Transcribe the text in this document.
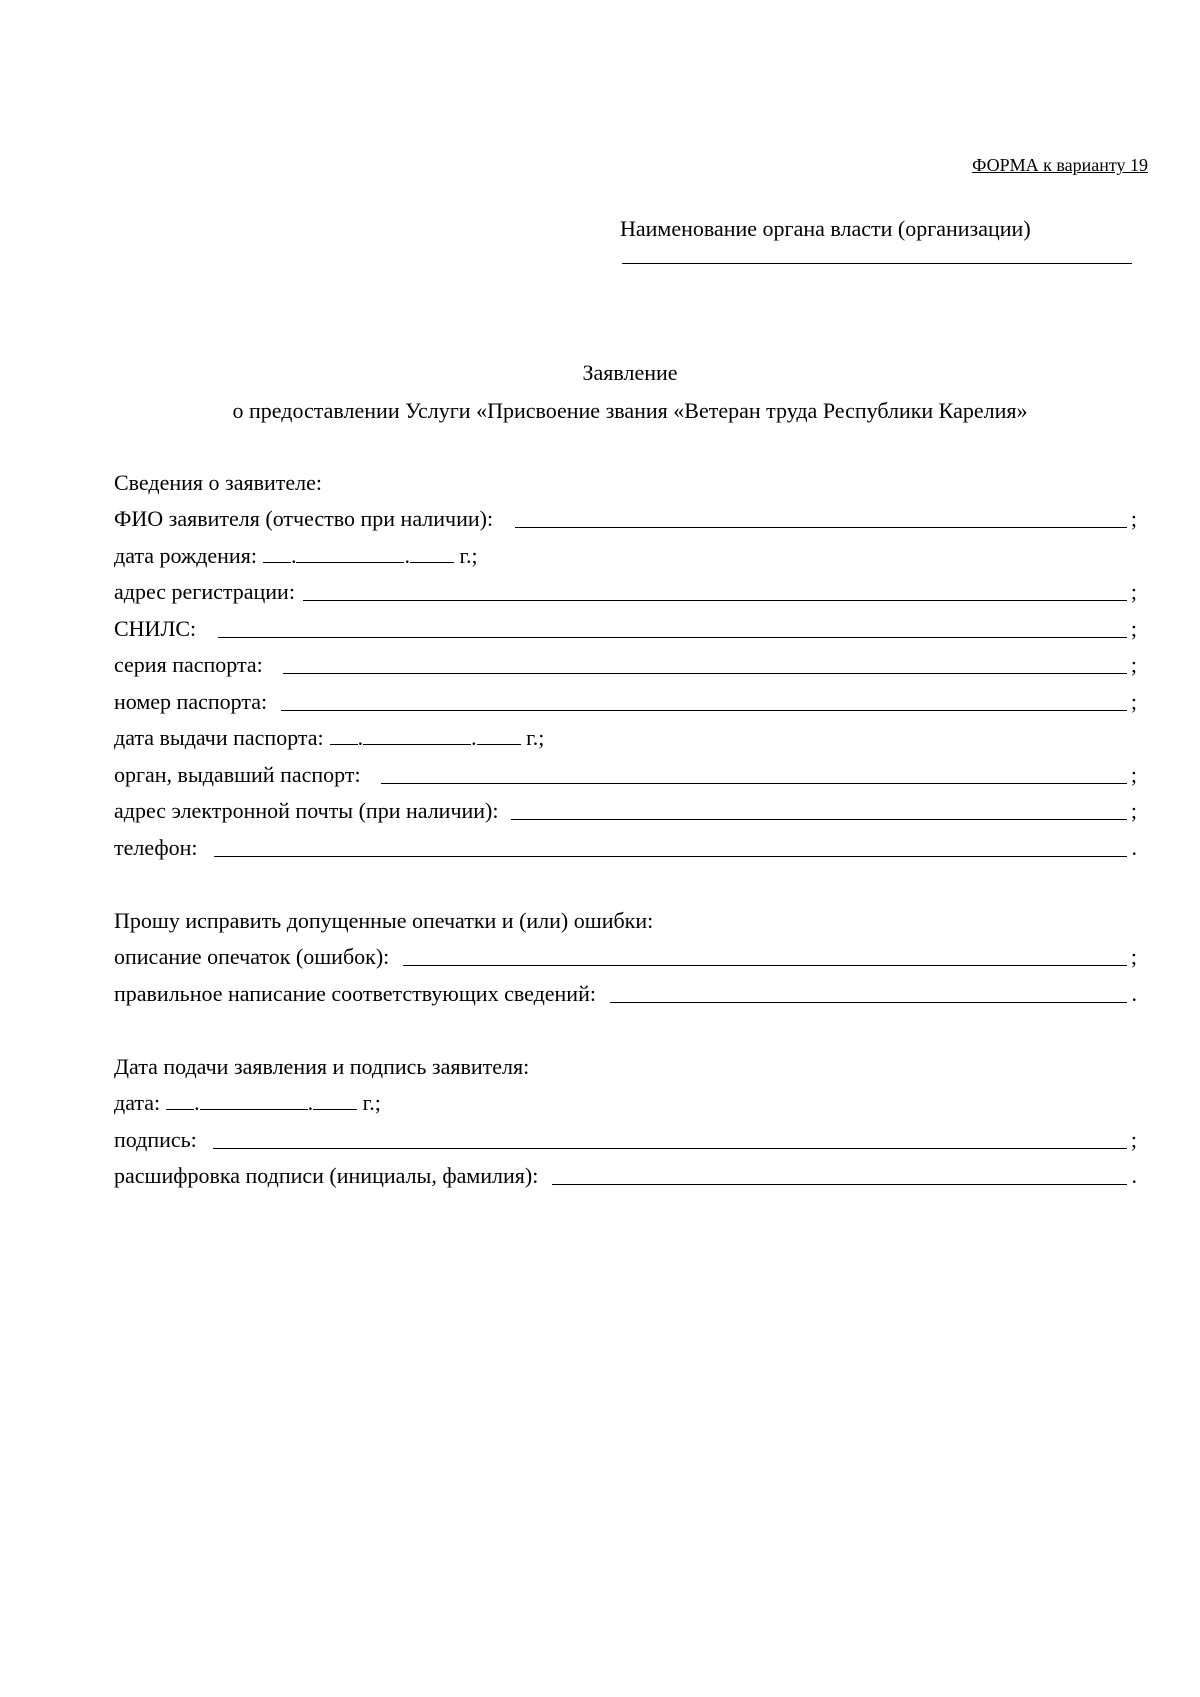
ФОРМА к варианту 19
Наименование органа власти (организации)
Заявление
о предоставлении Услуги «Присвоение звания «Ветеран труда Республики Карелия»
Сведения о заявителе:
ФИО заявителя (отчество при наличии):	;
дата рождения:	.	. г.;
адрес регистрации:	;
СНИЛС:	;
серия паспорта:	;
номер паспорта:	;
дата выдачи паспорта:	.	. г.;
орган, выдавший паспорт:	;
адрес электронной почты (при наличии):	;
телефон:	.
Прошу исправить допущенные опечатки и (или) ошибки:
описание опечаток (ошибок):	;
правильное написание соответствующих сведений:	.
Дата подачи заявления и подпись заявителя:
дата:	.	. г.;
подпись:	;
расшифровка подписи (инициалы, фамилия):	.
